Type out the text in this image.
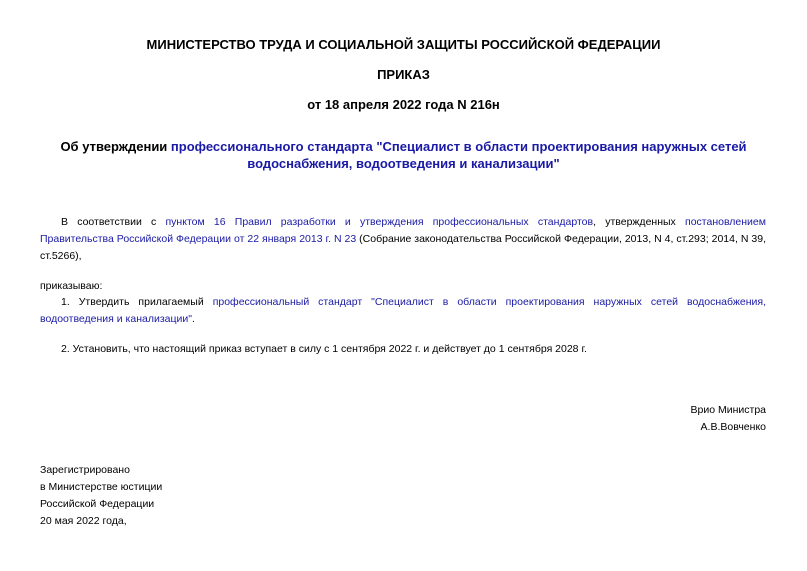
МИНИСТЕРСТВО ТРУДА И СОЦИАЛЬНОЙ ЗАЩИТЫ РОССИЙСКОЙ ФЕДЕРАЦИИ
ПРИКАЗ
от 18 апреля 2022 года N 216н
Об утверждении профессионального стандарта "Специалист в области проектирования наружных сетей водоснабжения, водоотведения и канализации"
В соответствии с пунктом 16 Правил разработки и утверждения профессиональных стандартов, утвержденных постановлением Правительства Российской Федерации от 22 января 2013 г. N 23 (Собрание законодательства Российской Федерации, 2013, N 4, ст.293; 2014, N 39, ст.5266),
приказываю:
1. Утвердить прилагаемый профессиональный стандарт "Специалист в области проектирования наружных сетей водоснабжения, водоотведения и канализации".
2. Установить, что настоящий приказ вступает в силу с 1 сентября 2022 г. и действует до 1 сентября 2028 г.
Врио Министра
А.В.Вовченко
Зарегистрировано
в Министерстве юстиции
Российской Федерации
20 мая 2022 года,
